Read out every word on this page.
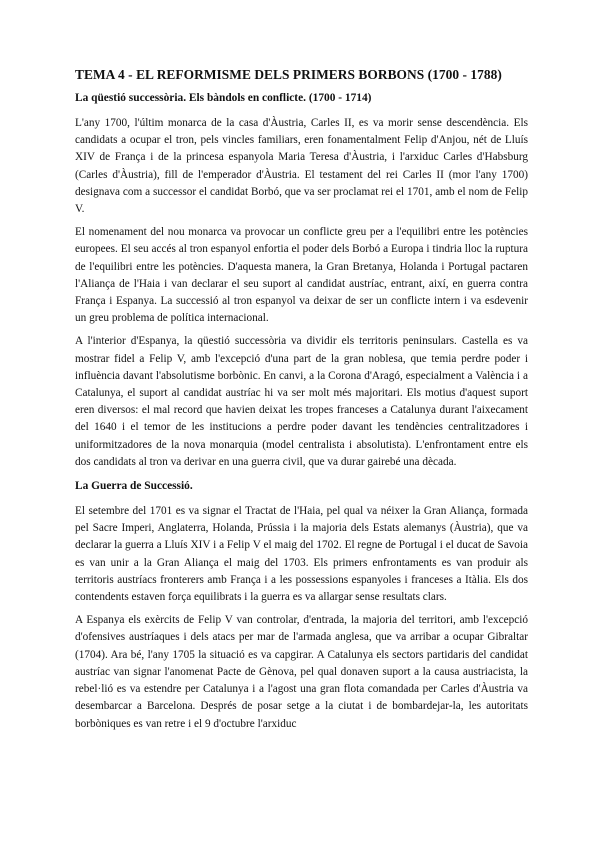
TEMA 4 - EL REFORMISME DELS PRIMERS BORBONS (1700 - 1788)
La qüestió successòria. Els bàndols en conflicte. (1700 - 1714)

L'any 1700, l'últim monarca de la casa d'Àustria, Carles II, es va morir sense descendència. Els candidats a ocupar el tron, pels vincles familiars, eren fonamentalment Felip d'Anjou, nét de Lluís XIV de França i de la princesa espanyola Maria Teresa d'Àustria, i l'arxiduc Carles d'Habsburg (Carles d'Àustria), fill de l'emperador d'Àustria. El testament del rei Carles II (mor l'any 1700) designava com a successor el candidat Borbó, que va ser proclamat rei el 1701, amb el nom de Felip V.

El nomenament del nou monarca va provocar un conflicte greu per a l'equilibri entre les potències europees. El seu accés al tron espanyol enfortia el poder dels Borbó a Europa i tindria lloc la ruptura de l'equilibri entre les potències. D'aquesta manera, la Gran Bretanya, Holanda i Portugal pactaren l'Aliança de l'Haia i van declarar el seu suport al candidat austríac, entrant, així, en guerra contra França i Espanya. La successió al tron espanyol va deixar de ser un conflicte intern i va esdevenir un greu problema de política internacional.

A l'interior d'Espanya, la qüestió successòria va dividir els territoris peninsulars. Castella es va mostrar fidel a Felip V, amb l'excepció d'una part de la gran noblesa, que temia perdre poder i influència davant l'absolutisme borbònic. En canvi, a la Corona d'Aragó, especialment a València i a Catalunya, el suport al candidat austríac hi va ser molt més majoritari. Els motius d'aquest suport eren diversos: el mal record que havien deixat les tropes franceses a Catalunya durant l'aixecament del 1640 i el temor de les institucions a perdre poder davant les tendències centralitzadores i uniformitzadores de la nova monarquia (model centralista i absolutista). L'enfrontament entre els dos candidats al tron va derivar en una guerra civil, que va durar gairebé una dècada.

La Guerra de Successió.

El setembre del 1701 es va signar el Tractat de l'Haia, pel qual va néixer la Gran Aliança, formada pel Sacre Imperi, Anglaterra, Holanda, Prússia i la majoria dels Estats alemanys (Àustria), que va declarar la guerra a Lluís XIV i a Felip V el maig del 1702. El regne de Portugal i el ducat de Savoia es van unir a la Gran Aliança el maig del 1703. Els primers enfrontaments es van produir als territoris austríacs fronterers amb França i a les possessions espanyoles i franceses a Itàlia. Els dos contendents estaven força equilibrats i la guerra es va allargar sense resultats clars.

A Espanya els exèrcits de Felip V van controlar, d'entrada, la majoria del territori, amb l'excepció d'ofensives austríaques i dels atacs per mar de l'armada anglesa, que va arribar a ocupar Gibraltar (1704). Ara bé, l'any 1705 la situació es va capgirar. A Catalunya els sectors partidaris del candidat austríac van signar l'anomenat Pacte de Gènova, pel qual donaven suport a la causa austriacista, la rebel·lió es va estendre per Catalunya i a l'agost una gran flota comandada per Carles d'Àustria va desembarcar a Barcelona. Després de posar setge a la ciutat i de bombardejar-la, les autoritats borbòniques es van retre i el 9 d'octubre l'arxiduc
